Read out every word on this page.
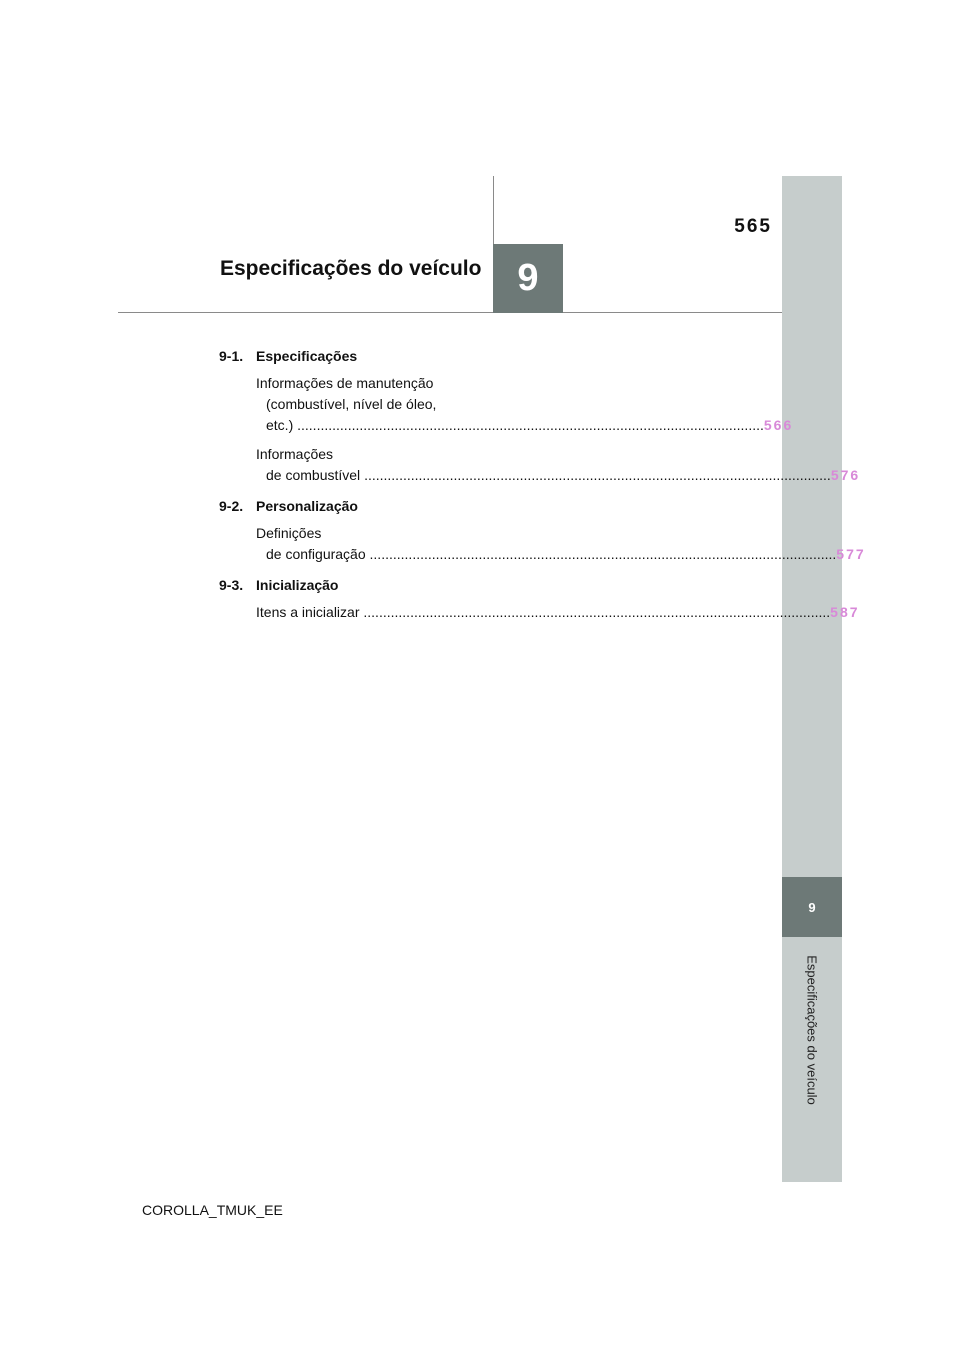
9
Especificações do veículo
9
565
Especificações do veículo
9-1. Especificações
Informações de manutenção
(combustível, nível de óleo,
etc.) ........................................................................................................................ 566
Informações
de combustível ........................................................................................................................ 576
9-2. Personalização
Definições
de configuração ........................................................................................................................ 577
9-3. Inicialização
Itens a inicializar ........................................................................................................................ 587
COROLLA_TMUK_EE
